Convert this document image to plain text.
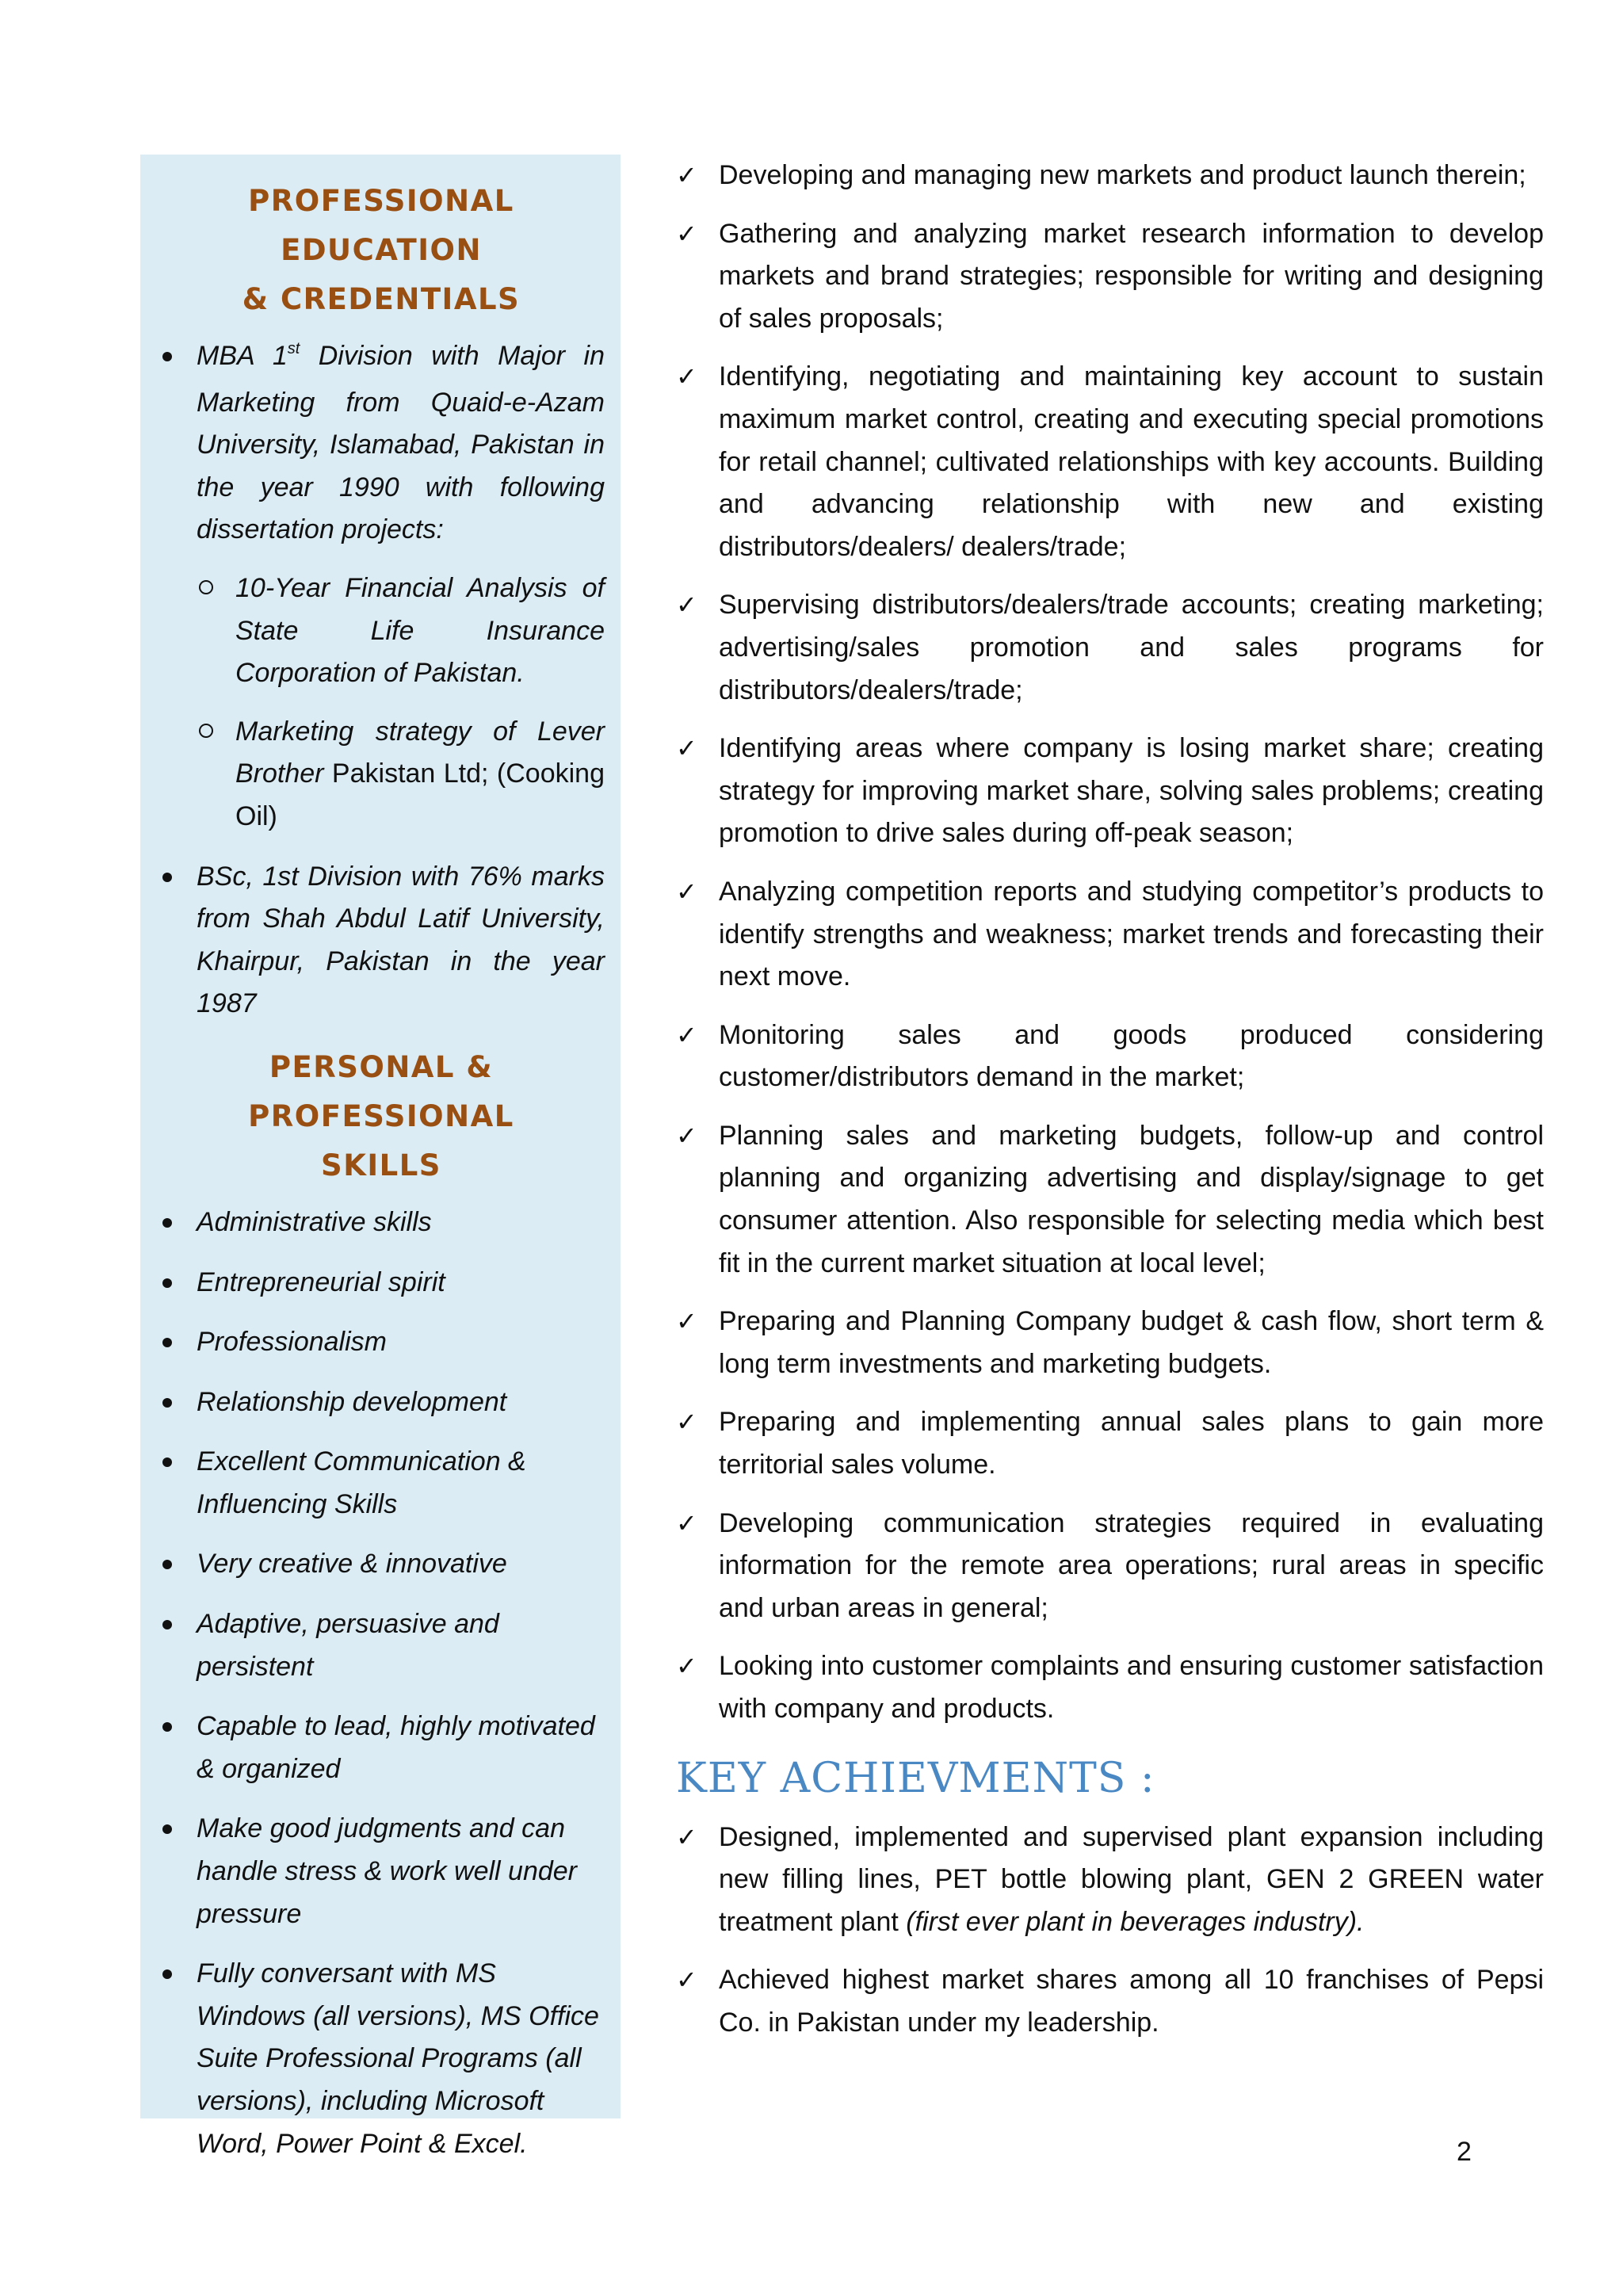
PROFESSIONAL EDUCATION
& CREDENTIALS
MBA 1st Division with Major in Marketing from Quaid-e-Azam University, Islamabad, Pakistan in the year 1990 with following dissertation projects:
10-Year Financial Analysis of State Life Insurance Corporation of Pakistan.
Marketing strategy of Lever Brother Pakistan Ltd; (Cooking Oil)
BSc, 1st Division with 76% marks from Shah Abdul Latif University, Khairpur, Pakistan in the year 1987
PERSONAL & PROFESSIONAL
SKILLS
Administrative skills
Entrepreneurial spirit
Professionalism
Relationship development
Excellent Communication & Influencing Skills
Very creative & innovative
Adaptive, persuasive and persistent
Capable to lead, highly motivated & organized
Make good judgments and can handle stress & work well under pressure
Fully conversant with MS Windows (all versions), MS Office Suite Professional Programs (all versions), including Microsoft Word, Power Point & Excel.
✓ Developing and managing new markets and product launch therein;
✓ Gathering and analyzing market research information to develop markets and brand strategies; responsible for writing and designing of sales proposals;
✓ Identifying, negotiating and maintaining key account to sustain maximum market control, creating and executing special promotions for retail channel; cultivated relationships with key accounts. Building and advancing relationship with new and existing distributors/dealers/ dealers/trade;
✓ Supervising distributors/dealers/trade accounts; creating marketing; advertising/sales promotion and sales programs for distributors/dealers/trade;
✓ Identifying areas where company is losing market share; creating strategy for improving market share, solving sales problems; creating promotion to drive sales during off-peak season;
✓ Analyzing competition reports and studying competitor’s products to identify strengths and weakness; market trends and forecasting their next move.
✓ Monitoring sales and goods produced considering customer/distributors demand in the market;
✓ Planning sales and marketing budgets, follow-up and control planning and organizing advertising and display/signage to get consumer attention. Also responsible for selecting media which best fit in the current market situation at local level;
✓ Preparing and Planning Company budget & cash flow, short term & long term investments and marketing budgets.
✓ Preparing and implementing annual sales plans to gain more territorial sales volume.
✓ Developing communication strategies required in evaluating information for the remote area operations; rural areas in specific and urban areas in general;
✓ Looking into customer complaints and ensuring customer satisfaction with company and products.
KEY ACHIEVMENTS :
✓ Designed, implemented and supervised plant expansion including new filling lines, PET bottle blowing plant, GEN 2 GREEN water treatment plant (first ever plant in beverages industry).
✓ Achieved highest market shares among all 10 franchises of Pepsi Co. in Pakistan under my leadership.
2
